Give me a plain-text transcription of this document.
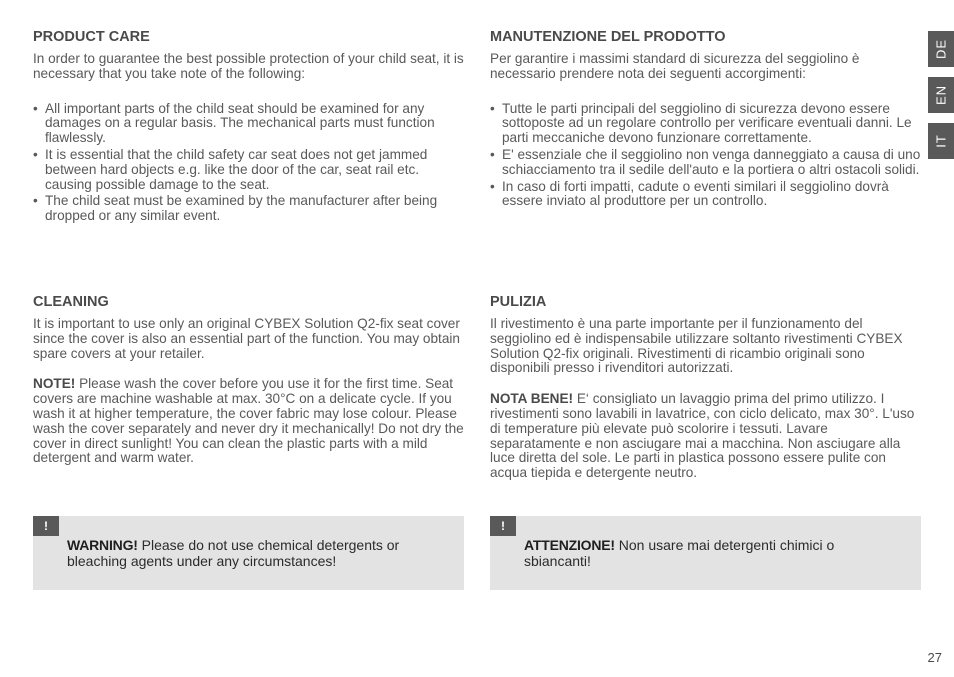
PRODUCT CARE

In order to guarantee the best possible protection of your child seat, it is necessary that you take note of the following:

• All important parts of the child seat should be examined for any damages on a regular basis. The mechanical parts must function flawlessly.
• It is essential that the child safety car seat does not get jammed between hard objects e.g. like the door of the car, seat rail etc. causing possible damage to the seat.
• The child seat must be examined by the manufacturer after being dropped or any similar event.
MANUTENZIONE DEL PRODOTTO

Per garantire i massimi standard di sicurezza del seggiolino è necessario prendere nota dei seguenti accorgimenti:

• Tutte le parti principali del seggiolino di sicurezza devono essere sottoposte ad un regolare controllo per verificare eventuali danni. Le parti meccaniche devono funzionare correttamente.
• E' essenziale che il seggiolino non venga danneggiato a causa di uno schiacciamento tra il sedile dell'auto e la portiera o altri ostacoli solidi.
• In caso di forti impatti, cadute o eventi similari il seggiolino dovrà essere inviato al produttore per un controllo.
CLEANING

It is important to use only an original CYBEX Solution Q2-fix seat cover since the cover is also an essential part of the function. You may obtain spare covers at your retailer.

NOTE! Please wash the cover before you use it for the first time. Seat covers are machine washable at max. 30°C on a delicate cycle. If you wash it at higher temperature, the cover fabric may lose colour. Please wash the cover separately and never dry it mechanically! Do not dry the cover in direct sunlight! You can clean the plastic parts with a mild detergent and warm water.

PULIZIA

Il rivestimento è una parte importante per il funzionamento del seggiolino ed è indispensabile utilizzare soltanto rivestimenti CYBEX Solution Q2-fix originali. Rivestimenti di ricambio originali sono disponibili presso i rivenditori autorizzati.

NOTA BENE! E‘ consigliato un lavaggio prima del primo utilizzo. I rivestimenti sono lavabili in lavatrice, con ciclo delicato, max 30°. L'uso di temperature più elevate può scolorire i tessuti. Lavare separatamente e non asciugare mai a macchina. Non asciugare alla luce diretta del sole. Le parti in plastica possono essere pulite con acqua tiepida e detergente neutro.

!
WARNING! Please do not use chemical detergents or bleaching agents under any circumstances!
!
ATTENZIONE! Non usare mai detergenti chimici o sbiancanti!
DE
EN
IT
27
